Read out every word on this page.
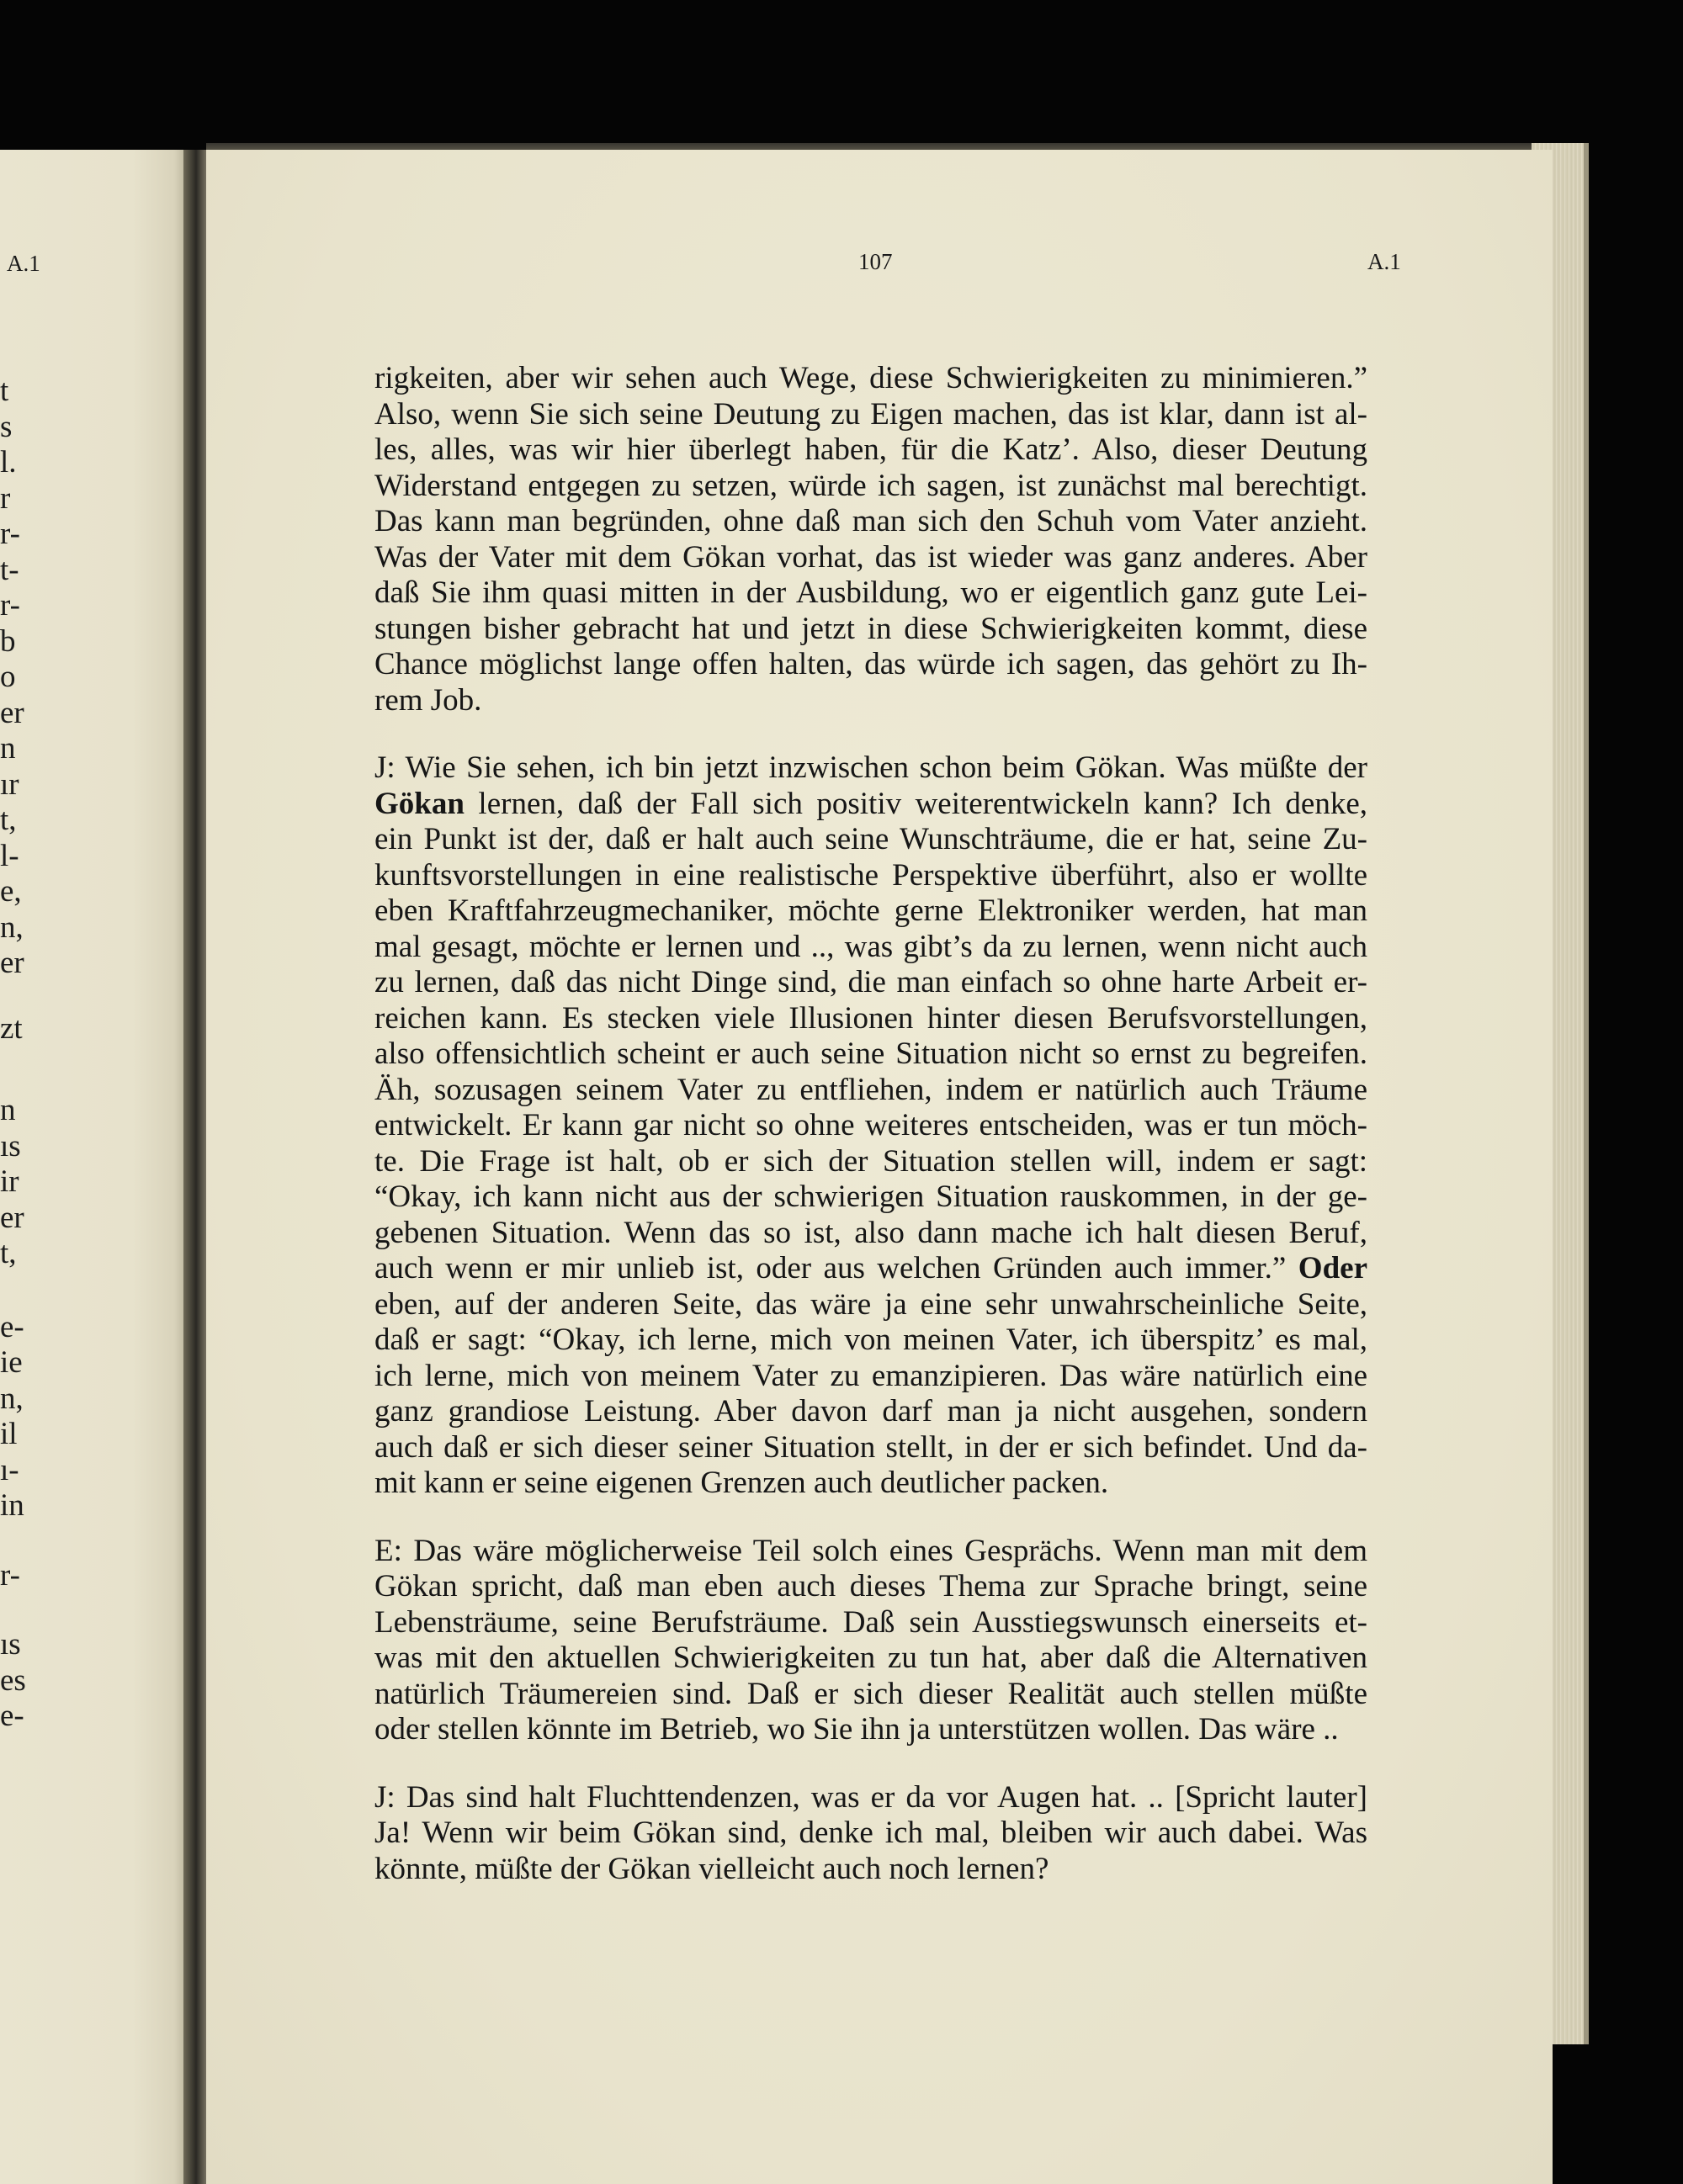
A.1
t
s
l.
r
r-
t-
r-
b
o
er
n
ır
t,
l-
e,
n,
er
zt
n
ıs
ir
er
t,
e-
ie
n,
il
ı-
in
r-
ıs
es
e-
107	A.1
rigkeiten, aber wir sehen auch Wege, diese Schwierigkeiten zu minimieren.”
Also, wenn Sie sich seine Deutung zu Eigen machen, das ist klar, dann ist al-
les, alles, was wir hier überlegt haben, für die Katz’. Also, dieser Deutung
Widerstand entgegen zu setzen, würde ich sagen, ist zunächst mal berechtigt.
Das kann man begründen, ohne daß man sich den Schuh vom Vater anzieht.
Was der Vater mit dem Gökan vorhat, das ist wieder was ganz anderes. Aber
daß Sie ihm quasi mitten in der Ausbildung, wo er eigentlich ganz gute Lei-
stungen bisher gebracht hat und jetzt in diese Schwierigkeiten kommt, diese
Chance möglichst lange offen halten, das würde ich sagen, das gehört zu Ih-
rem Job.
J: Wie Sie sehen, ich bin jetzt inzwischen schon beim Gökan. Was müßte der
Gökan lernen, daß der Fall sich positiv weiterentwickeln kann? Ich denke,
ein Punkt ist der, daß er halt auch seine Wunschträume, die er hat, seine Zu-
kunftsvorstellungen in eine realistische Perspektive überführt, also er wollte
eben Kraftfahrzeugmechaniker, möchte gerne Elektroniker werden, hat man
mal gesagt, möchte er lernen und .., was gibt’s da zu lernen, wenn nicht auch
zu lernen, daß das nicht Dinge sind, die man einfach so ohne harte Arbeit er-
reichen kann. Es stecken viele Illusionen hinter diesen Berufsvorstellungen,
also offensichtlich scheint er auch seine Situation nicht so ernst zu begreifen.
Äh, sozusagen seinem Vater zu entfliehen, indem er natürlich auch Träume
entwickelt. Er kann gar nicht so ohne weiteres entscheiden, was er tun möch-
te. Die Frage ist halt, ob er sich der Situation stellen will, indem er sagt:
“Okay, ich kann nicht aus der schwierigen Situation rauskommen, in der ge-
gebenen Situation. Wenn das so ist, also dann mache ich halt diesen Beruf,
auch wenn er mir unlieb ist, oder aus welchen Gründen auch immer.” Oder
eben, auf der anderen Seite, das wäre ja eine sehr unwahrscheinliche Seite,
daß er sagt: “Okay, ich lerne, mich von meinen Vater, ich überspitz’ es mal,
ich lerne, mich von meinem Vater zu emanzipieren. Das wäre natürlich eine
ganz grandiose Leistung. Aber davon darf man ja nicht ausgehen, sondern
auch daß er sich dieser seiner Situation stellt, in der er sich befindet. Und da-
mit kann er seine eigenen Grenzen auch deutlicher packen.
E: Das wäre möglicherweise Teil solch eines Gesprächs. Wenn man mit dem
Gökan spricht, daß man eben auch dieses Thema zur Sprache bringt, seine
Lebensträume, seine Berufsträume. Daß sein Ausstiegswunsch einerseits et-
was mit den aktuellen Schwierigkeiten zu tun hat, aber daß die Alternativen
natürlich Träumereien sind. Daß er sich dieser Realität auch stellen müßte
oder stellen könnte im Betrieb, wo Sie ihn ja unterstützen wollen. Das wäre ..
J: Das sind halt Fluchttendenzen, was er da vor Augen hat. .. [Spricht lauter]
Ja! Wenn wir beim Gökan sind, denke ich mal, bleiben wir auch dabei. Was
könnte, müßte der Gökan vielleicht auch noch lernen?
